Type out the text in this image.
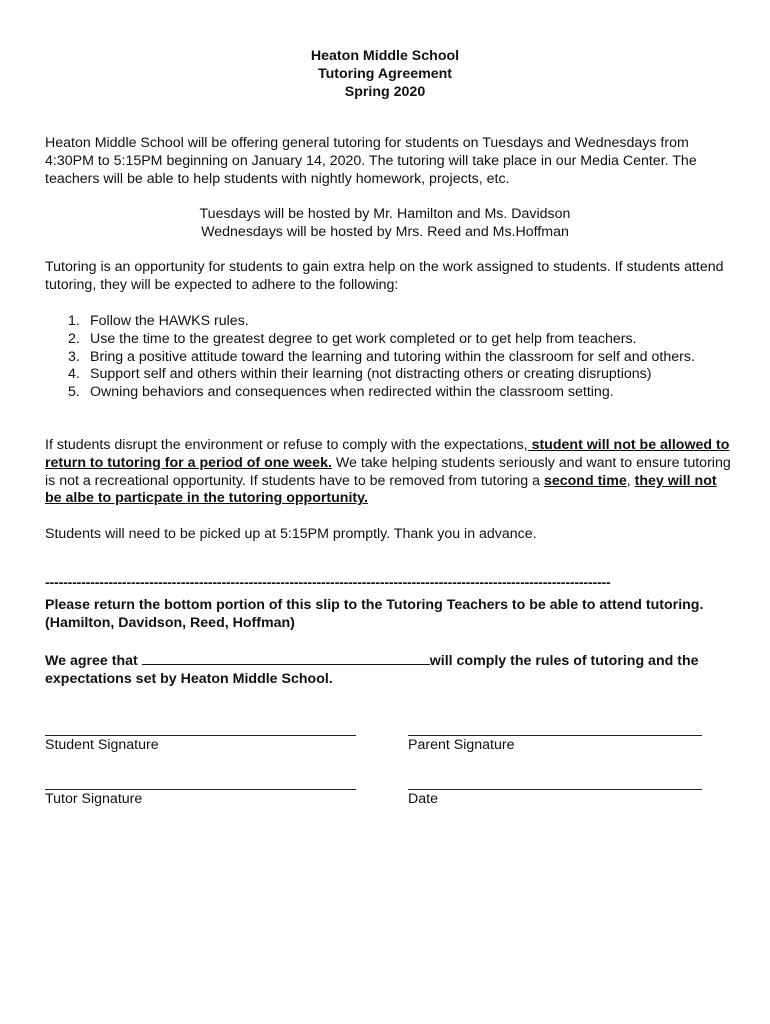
Heaton Middle School
Tutoring Agreement
Spring 2020
Heaton Middle School will be offering general tutoring for students on Tuesdays and Wednesdays from 4:30PM to 5:15PM beginning on January 14, 2020. The tutoring will take place in our Media Center. The teachers will be able to help students with nightly homework, projects, etc.
Tuesdays will be hosted by Mr. Hamilton and Ms. Davidson
Wednesdays will be hosted by Mrs. Reed and Ms.Hoffman
Tutoring is an opportunity for students to gain extra help on the work assigned to students. If students attend tutoring, they will be expected to adhere to the following:
1. Follow the HAWKS rules.
2. Use the time to the greatest degree to get work completed or to get help from teachers.
3. Bring a positive attitude toward the learning and tutoring within the classroom for self and others.
4. Support self and others within their learning (not distracting others or creating disruptions)
5. Owning behaviors and consequences when redirected within the classroom setting.
If students disrupt the environment or refuse to comply with the expectations, student will not be allowed to return to tutoring for a period of one week. We take helping students seriously and want to ensure tutoring is not a recreational opportunity. If students have to be removed from tutoring a second time, they will not be albe to particpate in the tutoring opportunity.
Students will need to be picked up at 5:15PM promptly. Thank you in advance.
-----------------------------------------------------------------------------------------------------------------------------
Please return the bottom portion of this slip to the Tutoring Teachers to be able to attend tutoring. (Hamilton, Davidson, Reed, Hoffman)
We agree that	will comply the rules of tutoring and the expectations set by Heaton Middle School.
Student Signature	Parent Signature
Tutor Signature	Date
